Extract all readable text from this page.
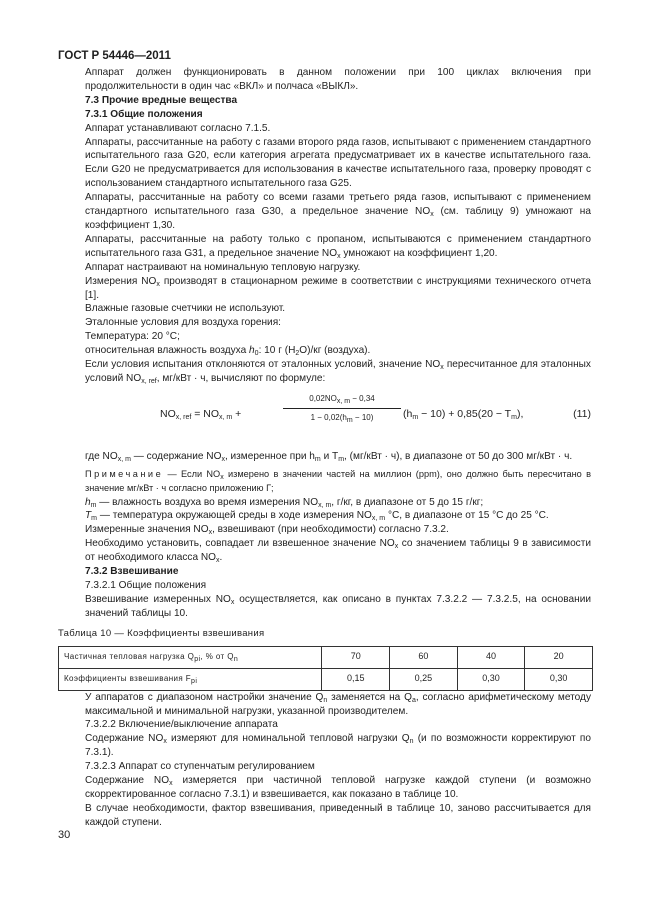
ГОСТ Р 54446—2011

Аппарат должен функционировать в данном положении при 100 циклах включения при продолжительности в один час «ВКЛ» и полчаса «ВЫКЛ».

7.3 Прочие вредные вещества

7.3.1 Общие положения

Аппарат устанавливают согласно 7.1.5.

Аппараты, рассчитанные на работу с газами второго ряда газов, испытывают с применением стандартного испытательного газа G20, если категория агрегата предусматривает их в качестве испытательного газа. Если G20 не предусматривается для использования в качестве испытательного газа, проверку проводят с использованием стандартного испытательного газа G25.

Аппараты, рассчитанные на работу со всеми газами третьего ряда газов, испытывают с применением стандартного испытательного газа G30, а предельное значение $NO_x$ (см. таблицу 9) умножают на коэффициент 1,30.

Аппараты, рассчитанные на работу только с пропаном, испытываются с применением стандартного испытательного газа G31, а предельное значение $NO_x$ умножают на коэффициент 1,20.

Аппарат настраивают на номинальную тепловую нагрузку.

Измерения $NO_x$ производят в стационарном режиме в соответствии с инструкциями технического отчета [1].

Влажные газовые счетчики не используют.

Эталонные условия для воздуха горения:

Температура: 20 °С;

относительная влажность воздуха $h_0$: 10 г $(Н_2О)/кг$ (воздуха).

Если условия испытания отклоняются от эталонных условий, значение $NO_x$ пересчитанное для эталонных условий $NO_{x, ref}$, мг/кВт · ч, вычисляют по формуле:

$NO_{x, ref} = NO_{x, m}$ +
$0,02NO_{x, m} - 0,34$
$1 - 0,02(h_m - 10)$	$(h_m - 10) + 0,85(20 - T_m)$,	(11)

где $NO_{x, m}$ — содержание $NO_x$, измеренное при $h_m$ и $T_m$, (мг/кВт · ч), в диапазоне от 50 до 300 мг/кВт · ч.

Примечание — Если $NO_x$ измерено в значении частей на миллион (ppm), оно должно быть пересчитано в значение мг/кВт · ч согласно приложению Г;

$h_m$ — влажность воздуха во время измерения $NO_{x, m}$, г/кг, в диапазоне от 5 до 15 г/кг;

$T_m$ — температура окружающей среды в ходе измерения $NO_{x, m}$ °С, в диапазоне от 15 °С до 25 °С.

Измеренные значения $NO_x$, взвешивают (при необходимости) согласно 7.3.2.

Необходимо установить, совпадает ли взвешенное значение $NO_x$ со значением таблицы 9 в зависимости от необходимого класса $NO_x$.

7.3.2 Взвешивание

7.3.2.1 Общие положения

Взвешивание измеренных $NO_x$ осуществляется, как описано в пунктах 7.3.2.2 — 7.3.2.5, на основании значений таблицы 10.

Таблица 10 — Коэффициенты взвешивания
Частичная тепловая нагрузка $Q_{pi}$, % от $Q_n$	70	60	40	20
Коэффициенты взвешивания $F_{pi}$	0,15	0,25	0,30	0,30

У аппаратов с диапазоном настройки значение $Q_n$ заменяется на $Q_a$, согласно арифметическому методу максимальной и минимальной нагрузки, указанной производителем.

7.3.2.2 Включение/выключение аппарата

Содержание $NO_x$ измеряют для номинальной тепловой нагрузки $Q_n$ (и по возможности корректируют по 7.3.1).

7.3.2.3 Аппарат со ступенчатым регулированием

Содержание $NO_x$ измеряется при частичной тепловой нагрузке каждой ступени (и возможно скорректированное согласно 7.3.1) и взвешивается, как показано в таблице 10.

В случае необходимости, фактор взвешивания, приведенный в таблице 10, заново рассчитывается для каждой ступени.

30
